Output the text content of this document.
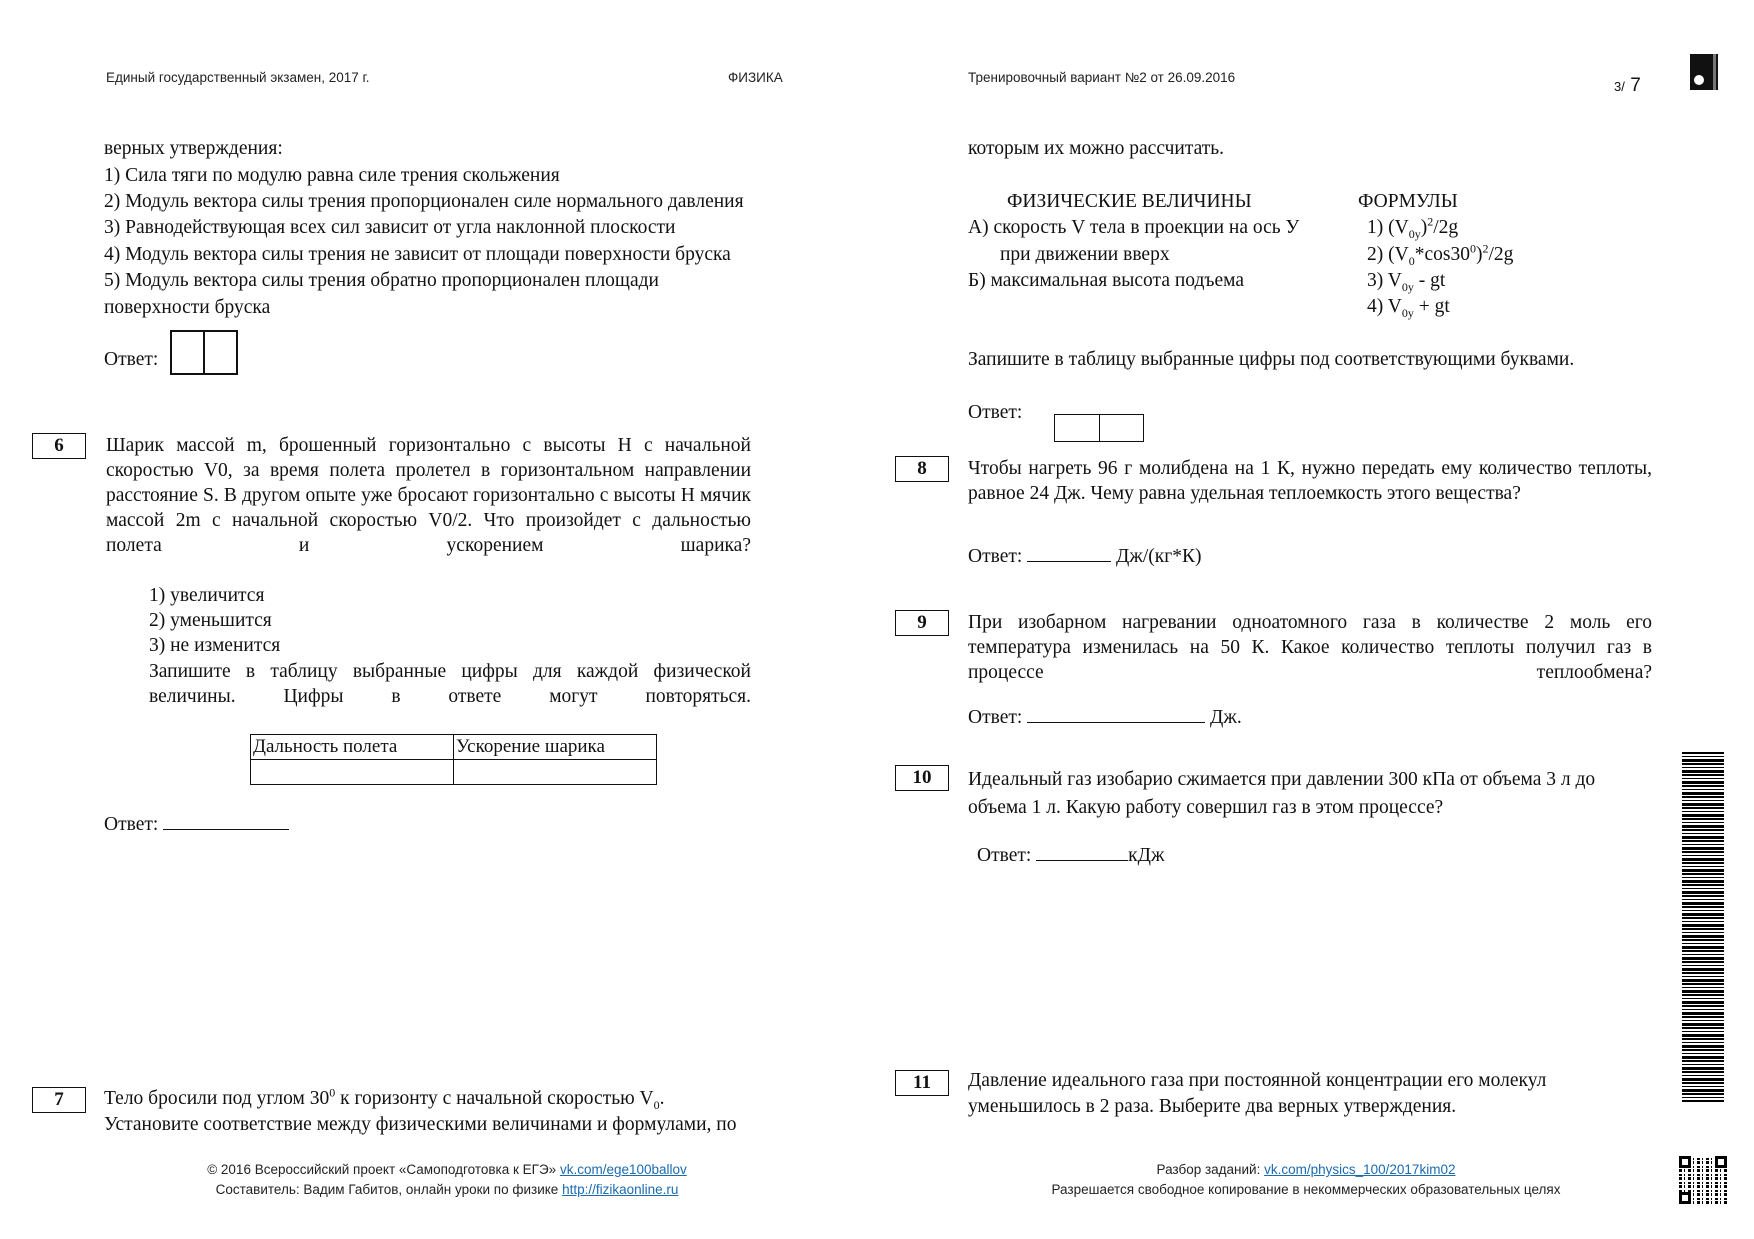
Единый государственный экзамен, 2017 г.	ФИЗИКА	Тренировочный вариант №2 от 26.09.2016
3/ 7
верных утверждения:
1) Сила тяги по модулю равна силе трения скольжения
2) Модуль вектора силы трения пропорционален силе нормального давления
3) Равнодействующая всех сил зависит от угла наклонной плоскости
4) Модуль вектора силы трения не зависит от площади поверхности бруска
5) Модуль вектора силы трения обратно пропорционален площади
поверхности бруска
Ответ:
6	Шарик массой m, брошенный горизонтально с высоты H с начальной скоростью V0, за время полета пролетел в горизонтальном направлении расстояние S. В другом опыте уже бросают горизонтально с высоты H мячик массой 2m с начальной скоростью V0/2. Что произойдет с дальностью полета и ускорением шарика?
1) увеличится
2) уменьшится
3) не изменится
Запишите в таблицу выбранные цифры для каждой физической величины. Цифры в ответе могут повторяться.
Дальность полета	Ускорение шарика

Ответ:
7	Тело бросили под углом $30^0$ к горизонту с начальной скоростью $V_0$.
Установите соответствие между физическими величинами и формулами, по
которым их можно рассчитать.
ФИЗИЧЕСКИЕ ВЕЛИЧИНЫ	ФОРМУЛЫ
А) скорость V тела в проекции на ось У
при движении вверх
Б) максимальная высота подъема
1) $(V_{0y})^2/2g$
2) $(V_0*\cos 30^0)^2/2g$
3) $V_{0y}$ - gt
4) $V_{0y}$ + gt
Запишите в таблицу выбранные цифры под соответствующими буквами.
Ответ:
8	Чтобы нагреть 96 г молибдена на 1 К, нужно передать ему количество теплоты, равное 24 Дж. Чему равна удельная теплоемкость этого вещества?
Ответ:	Дж/(кг*К)
9	При изобарном нагревании одноатомного газа в количестве 2 моль его температура изменилась на 50 К. Какое количество теплоты получил газ в процессе теплообмена?
Ответ:	Дж.
10	Идеальный газ изобарио сжимается при давлении 300 кПа от объема 3 л до
объема 1 л. Какую работу совершил газ в этом процессе?
Ответ:	кДж
11	Давление идеального газа при постоянной концентрации его молекул
уменьшилось в 2 раза. Выберите два верных утверждения.
© 2016 Всероссийский проект «Самоподготовка к ЕГЭ» vk.com/ege100ballov
Составитель: Вадим Габитов, онлайн уроки по физике http://fizikaonline.ru
Разбор заданий: vk.com/physics_100/2017kim02
Разрешается свободное копирование в некоммерческих образовательных целях
